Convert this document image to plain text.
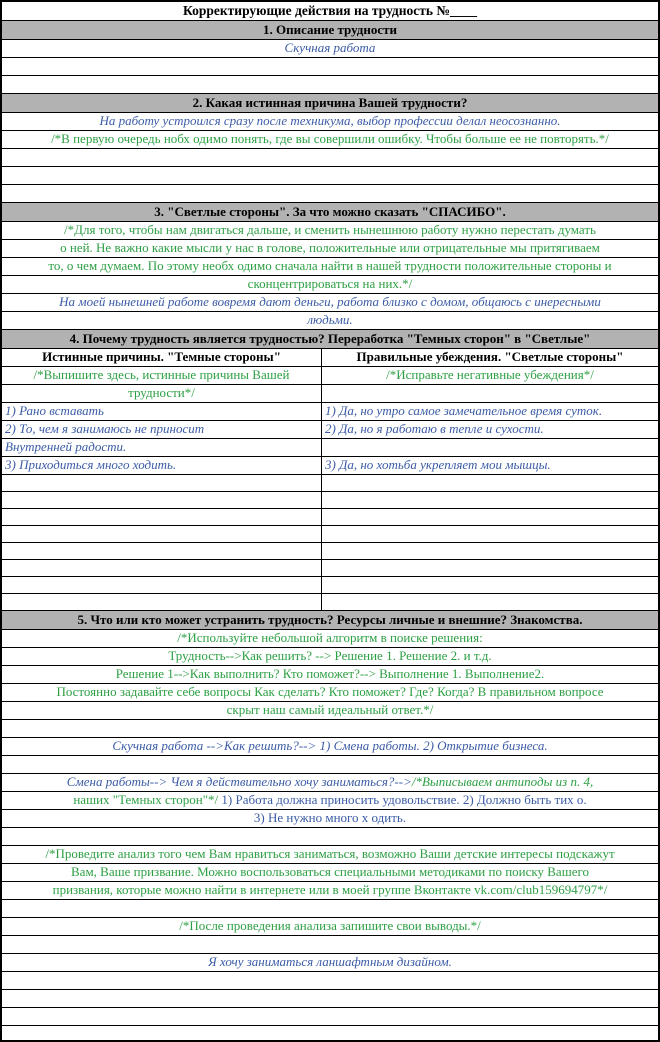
Корректирующие действия на трудность №____
1. Описание трудности
Скучная работа
2. Какая истинная причина Вашей трудности?
На работу устроился сразу после техникума, выбор профессии делал неосознанно.
/*В первую очередь нобх одимо понять, где вы совершили ошибку. Чтобы больше ее не повторять.*/
3. "Светлые стороны". За что можно сказать "СПАСИБО".
/*Для того, чтобы нам двигаться дальше, и сменить нынешнюю работу нужно перестать думать
о ней. Не важно какие мысли у нас в голове, положительные или отрицательные мы притягиваем
то, о чем думаем. По этому необх одимо сначала найти в нашей трудности положительные стороны и
сконцентрироваться на них.*/
На моей нынешней работе вовремя дают деньги, работа близко с домом, общаюсь с инересными
людьми.
4. Почему трудность является трудностью? Переработка "Темных сторон" в "Светлые"
Истинные причины. "Темные стороны"	Правильные убеждения. "Светлые стороны"
/*Выпишите здесь, истинные причины Вашей	/*Исправьте негативные убеждения*/
трудности*/
1) Рано вставать	1) Да, но утро самое замечательное время суток.
2) То, чем я занимаюсь не приносит	2) Да, но я работаю в тепле и сухости.
Внутренней радости.
3) Приходиться много ходить.	3) Да, но хотьба укрепляет мои мышцы.
5. Что или кто может устранить трудность? Ресурсы личные и внешние? Знакомства.
/*Используйте небольшой алгоритм в поиске решения:
Трудность-->Как решить? --> Решение 1. Решение 2. и т.д.
Решение 1-->Как выполнить? Кто поможет?--> Выполнение 1. Выполнение2.
Постоянно задавайте себе вопросы Как сделать? Кто поможет? Где? Когда? В правильном вопросе
скрыт наш самый идеальный ответ.*/
Скучная работа -->Как решить?--> 1) Смена работы. 2) Открытие бизнеса.
Смена работы--> Чем я действительно хочу заниматься?--> /*Выписываем антиподы из п. 4,
наших "Темных сторон"*/ 1) Работа должна приносить удовольствие. 2) Должно быть тих о.
3) Не нужно много х одить.
/*Проведите анализ того чем Вам нравиться заниматься, возможно Ваши детские интересы подскажут
Вам, Ваше призвание. Можно воспользоваться специальными методиками по поиску Вашего
призвания, которые можно найти в интернете или в моей группе Вконтакте vk.com/club159694797*/
/*После проведения анализа запишите свои выводы.*/
Я хочу заниматься ланшафтным дизайном.
